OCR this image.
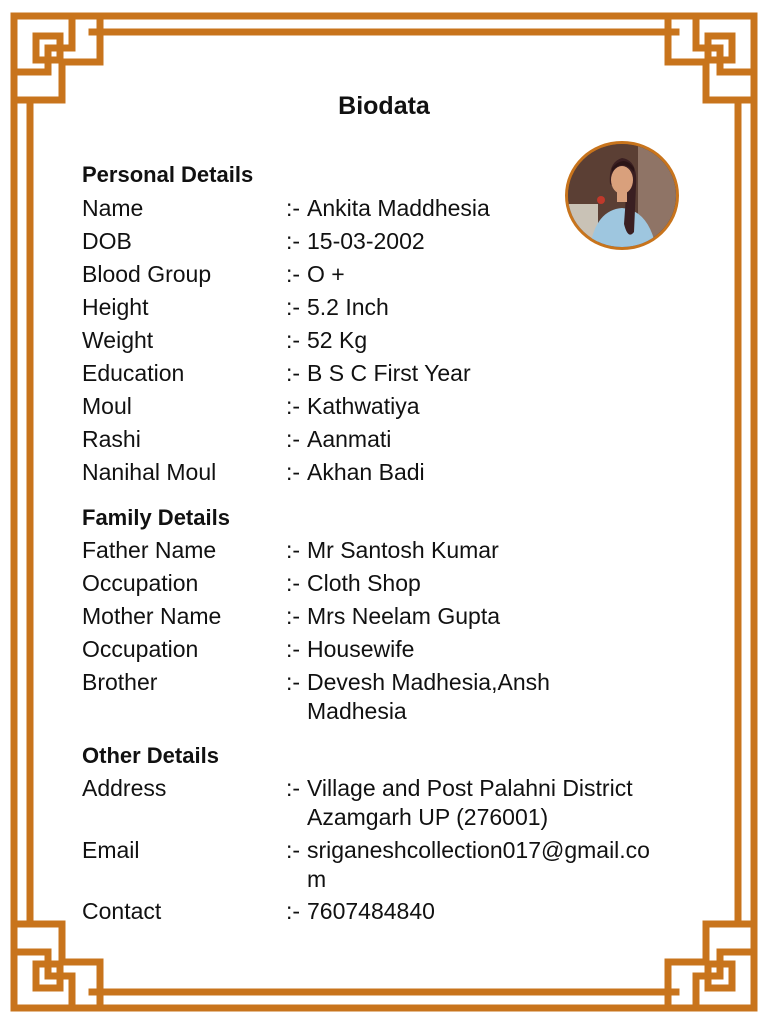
Biodata
Personal Details
Name	:- Ankita Maddhesia
DOB	:- 15-03-2002
Blood Group	:- O +
Height	:- 5.2 Inch
Weight	:- 52 Kg
Education	:- B S C First Year
Moul	:- Kathwatiya
Rashi	:- Aanmati
Nanihal Moul	:- Akhan Badi
Family Details
Father Name	:- Mr Santosh Kumar
Occupation	:- Cloth Shop
Mother Name	:- Mrs Neelam Gupta
Occupation	:- Housewife
Brother	:- Devesh Madhesia,Ansh Madhesia
Other Details
Address	:- Village and Post Palahni District Azamgarh UP (276001)
Email	:- sriganeshcollection017@gmail.com
Contact	:- 7607484840
